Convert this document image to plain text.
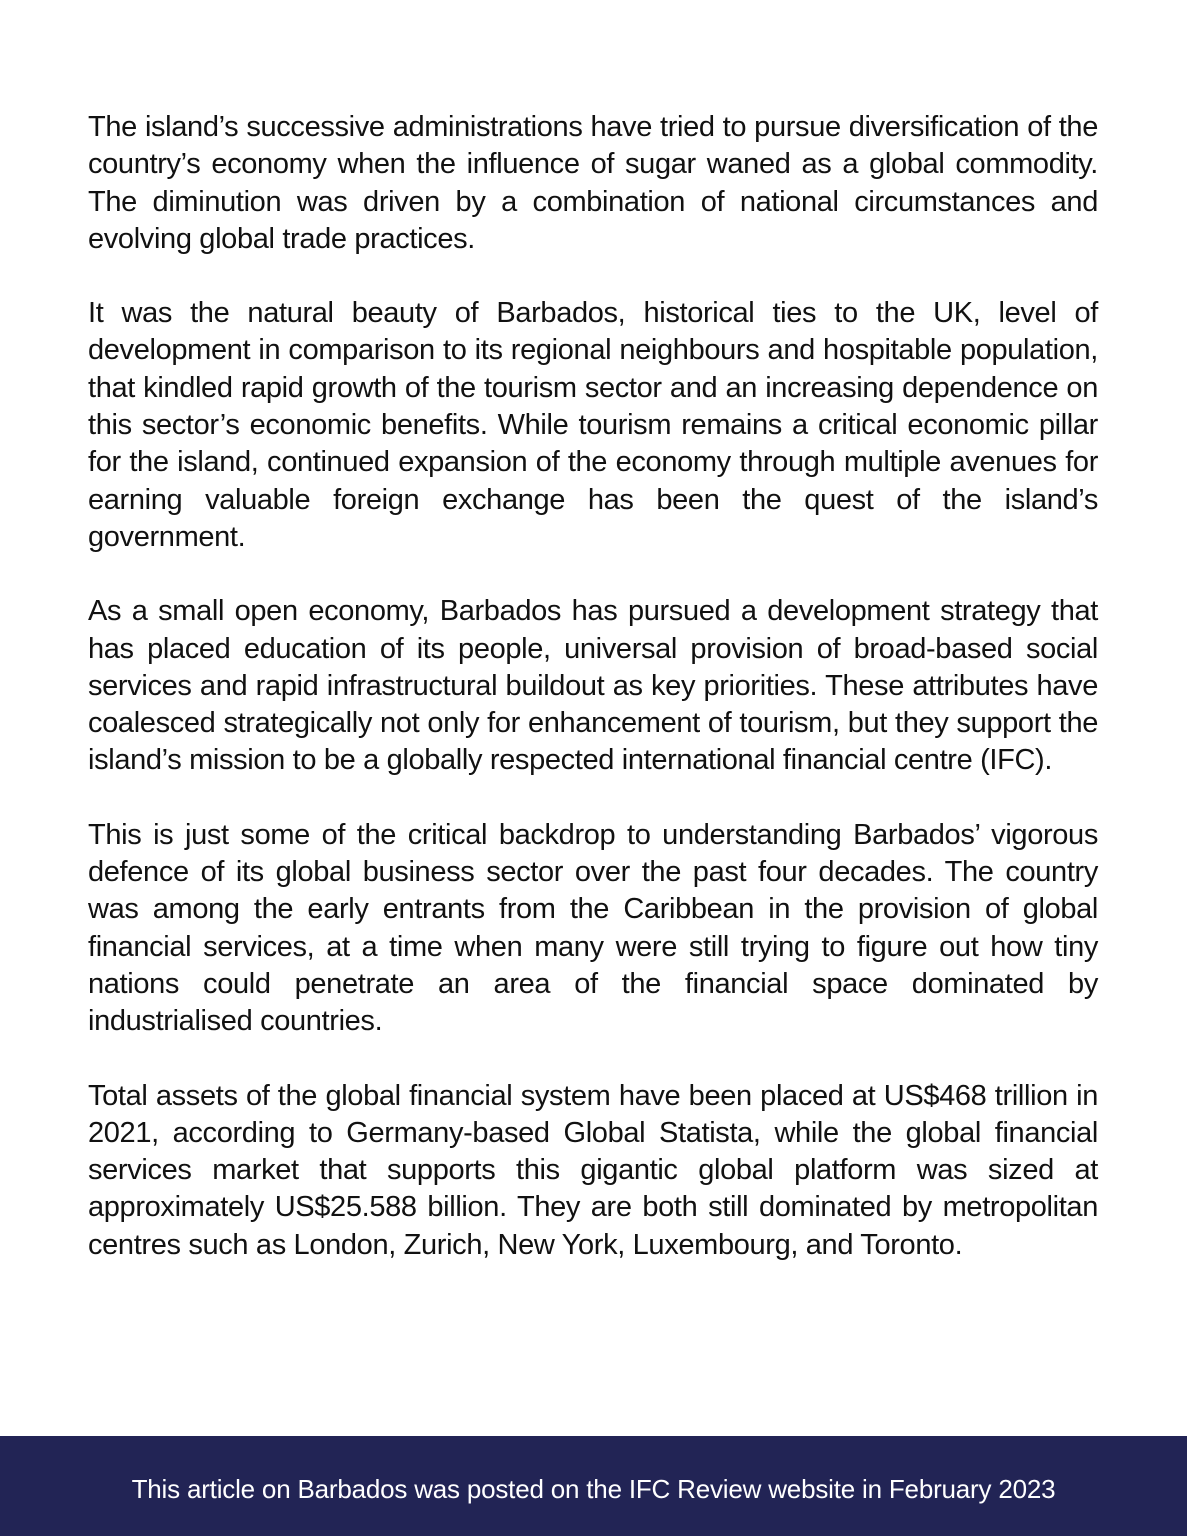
The island’s successive administrations have tried to pursue diversification of the country’s economy when the influence of sugar waned as a global commodity. The diminution was driven by a combination of national circumstances and evolving global trade practices.

It was the natural beauty of Barbados, historical ties to the UK, level of development in comparison to its regional neighbours and hospitable population, that kindled rapid growth of the tourism sector and an increasing dependence on this sector’s economic benefits. While tourism remains a critical economic pillar for the island, continued expansion of the economy through multiple avenues for earning valuable foreign exchange has been the quest of the island’s government.

As a small open economy, Barbados has pursued a development strategy that has placed education of its people, universal provision of broad-based social services and rapid infrastructural buildout as key priorities. These attributes have coalesced strategically not only for enhancement of tourism, but they support the island’s mission to be a globally respected international financial centre (IFC).

This is just some of the critical backdrop to understanding Barbados’ vigorous defence of its global business sector over the past four decades. The country was among the early entrants from the Caribbean in the provision of global financial services, at a time when many were still trying to figure out how tiny nations could penetrate an area of the financial space dominated by industrialised countries.

Total assets of the global financial system have been placed at US$468 trillion in 2021, according to Germany-based Global Statista, while the global financial services market that supports this gigantic global platform was sized at approximately US$25.588 billion. They are both still dominated by metropolitan centres such as London, Zurich, New York, Luxembourg, and Toronto.

This article on Barbados was posted on the IFC Review website in February 2023
